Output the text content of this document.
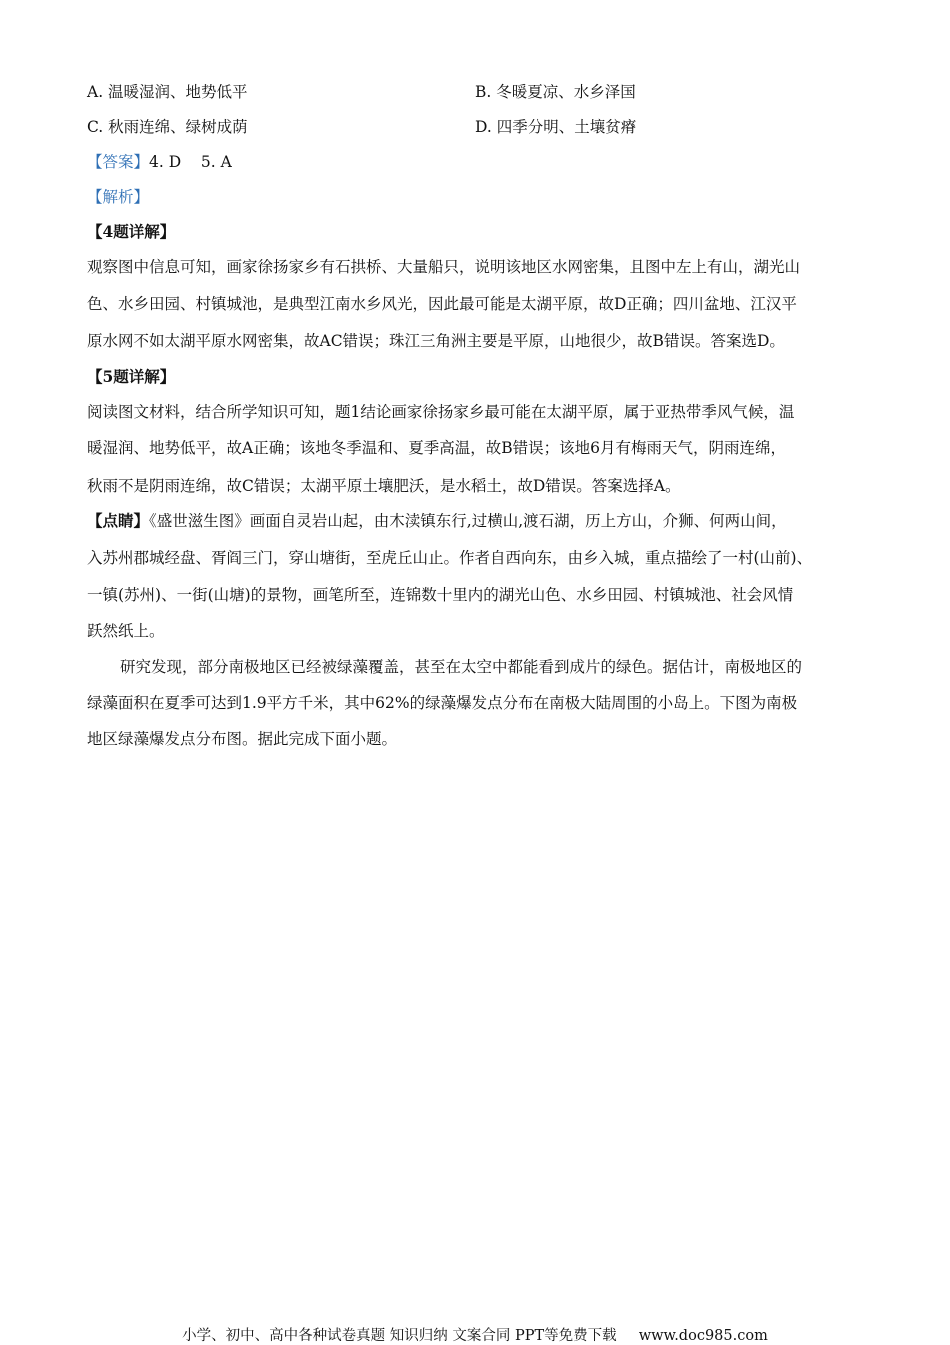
A. 温暖湿润、地势低平	B. 冬暖夏凉、水乡泽国
C. 秋雨连绵、绿树成荫	D. 四季分明、土壤贫瘠
【答案】4. D    5. A
【解析】
【4题详解】
观察图中信息可知，画家徐扬家乡有石拱桥、大量船只，说明该地区水网密集，且图中左上有山，湖光山
色、水乡田园、村镇城池，是典型江南水乡风光，因此最可能是太湖平原，故D正确；四川盆地、江汉平
原水网不如太湖平原水网密集，故AC错误；珠江三角洲主要是平原，山地很少，故B错误。答案选D。
【5题详解】
阅读图文材料，结合所学知识可知，题1结论画家徐扬家乡最可能在太湖平原，属于亚热带季风气候，温
暖湿润、地势低平，故A正确；该地冬季温和、夏季高温，故B错误；该地6月有梅雨天气，阴雨连绵，
秋雨不是阴雨连绵，故C错误；太湖平原土壤肥沃，是水稻土，故D错误。答案选择A。
【点睛】《盛世滋生图》画面自灵岩山起，由木渎镇东行,过横山,渡石湖，历上方山，介狮、何两山间，
入苏州郡城经盘、胥阎三门，穿山塘街，至虎丘山止。作者自西向东，由乡入城，重点描绘了一村(山前)、
一镇(苏州)、一街(山塘)的景物，画笔所至，连锦数十里内的湖光山色、水乡田园、村镇城池、社会风情
跃然纸上。
研究发现，部分南极地区已经被绿藻覆盖，甚至在太空中都能看到成片的绿色。据估计，南极地区的
绿藻面积在夏季可达到1.9平方千米，其中62%的绿藻爆发点分布在南极大陆周围的小岛上。下图为南极
地区绿藻爆发点分布图。据此完成下面小题。
小学、初中、高中各种试卷真题 知识归纳 文案合同 PPT等免费下载 www.doc985.com
